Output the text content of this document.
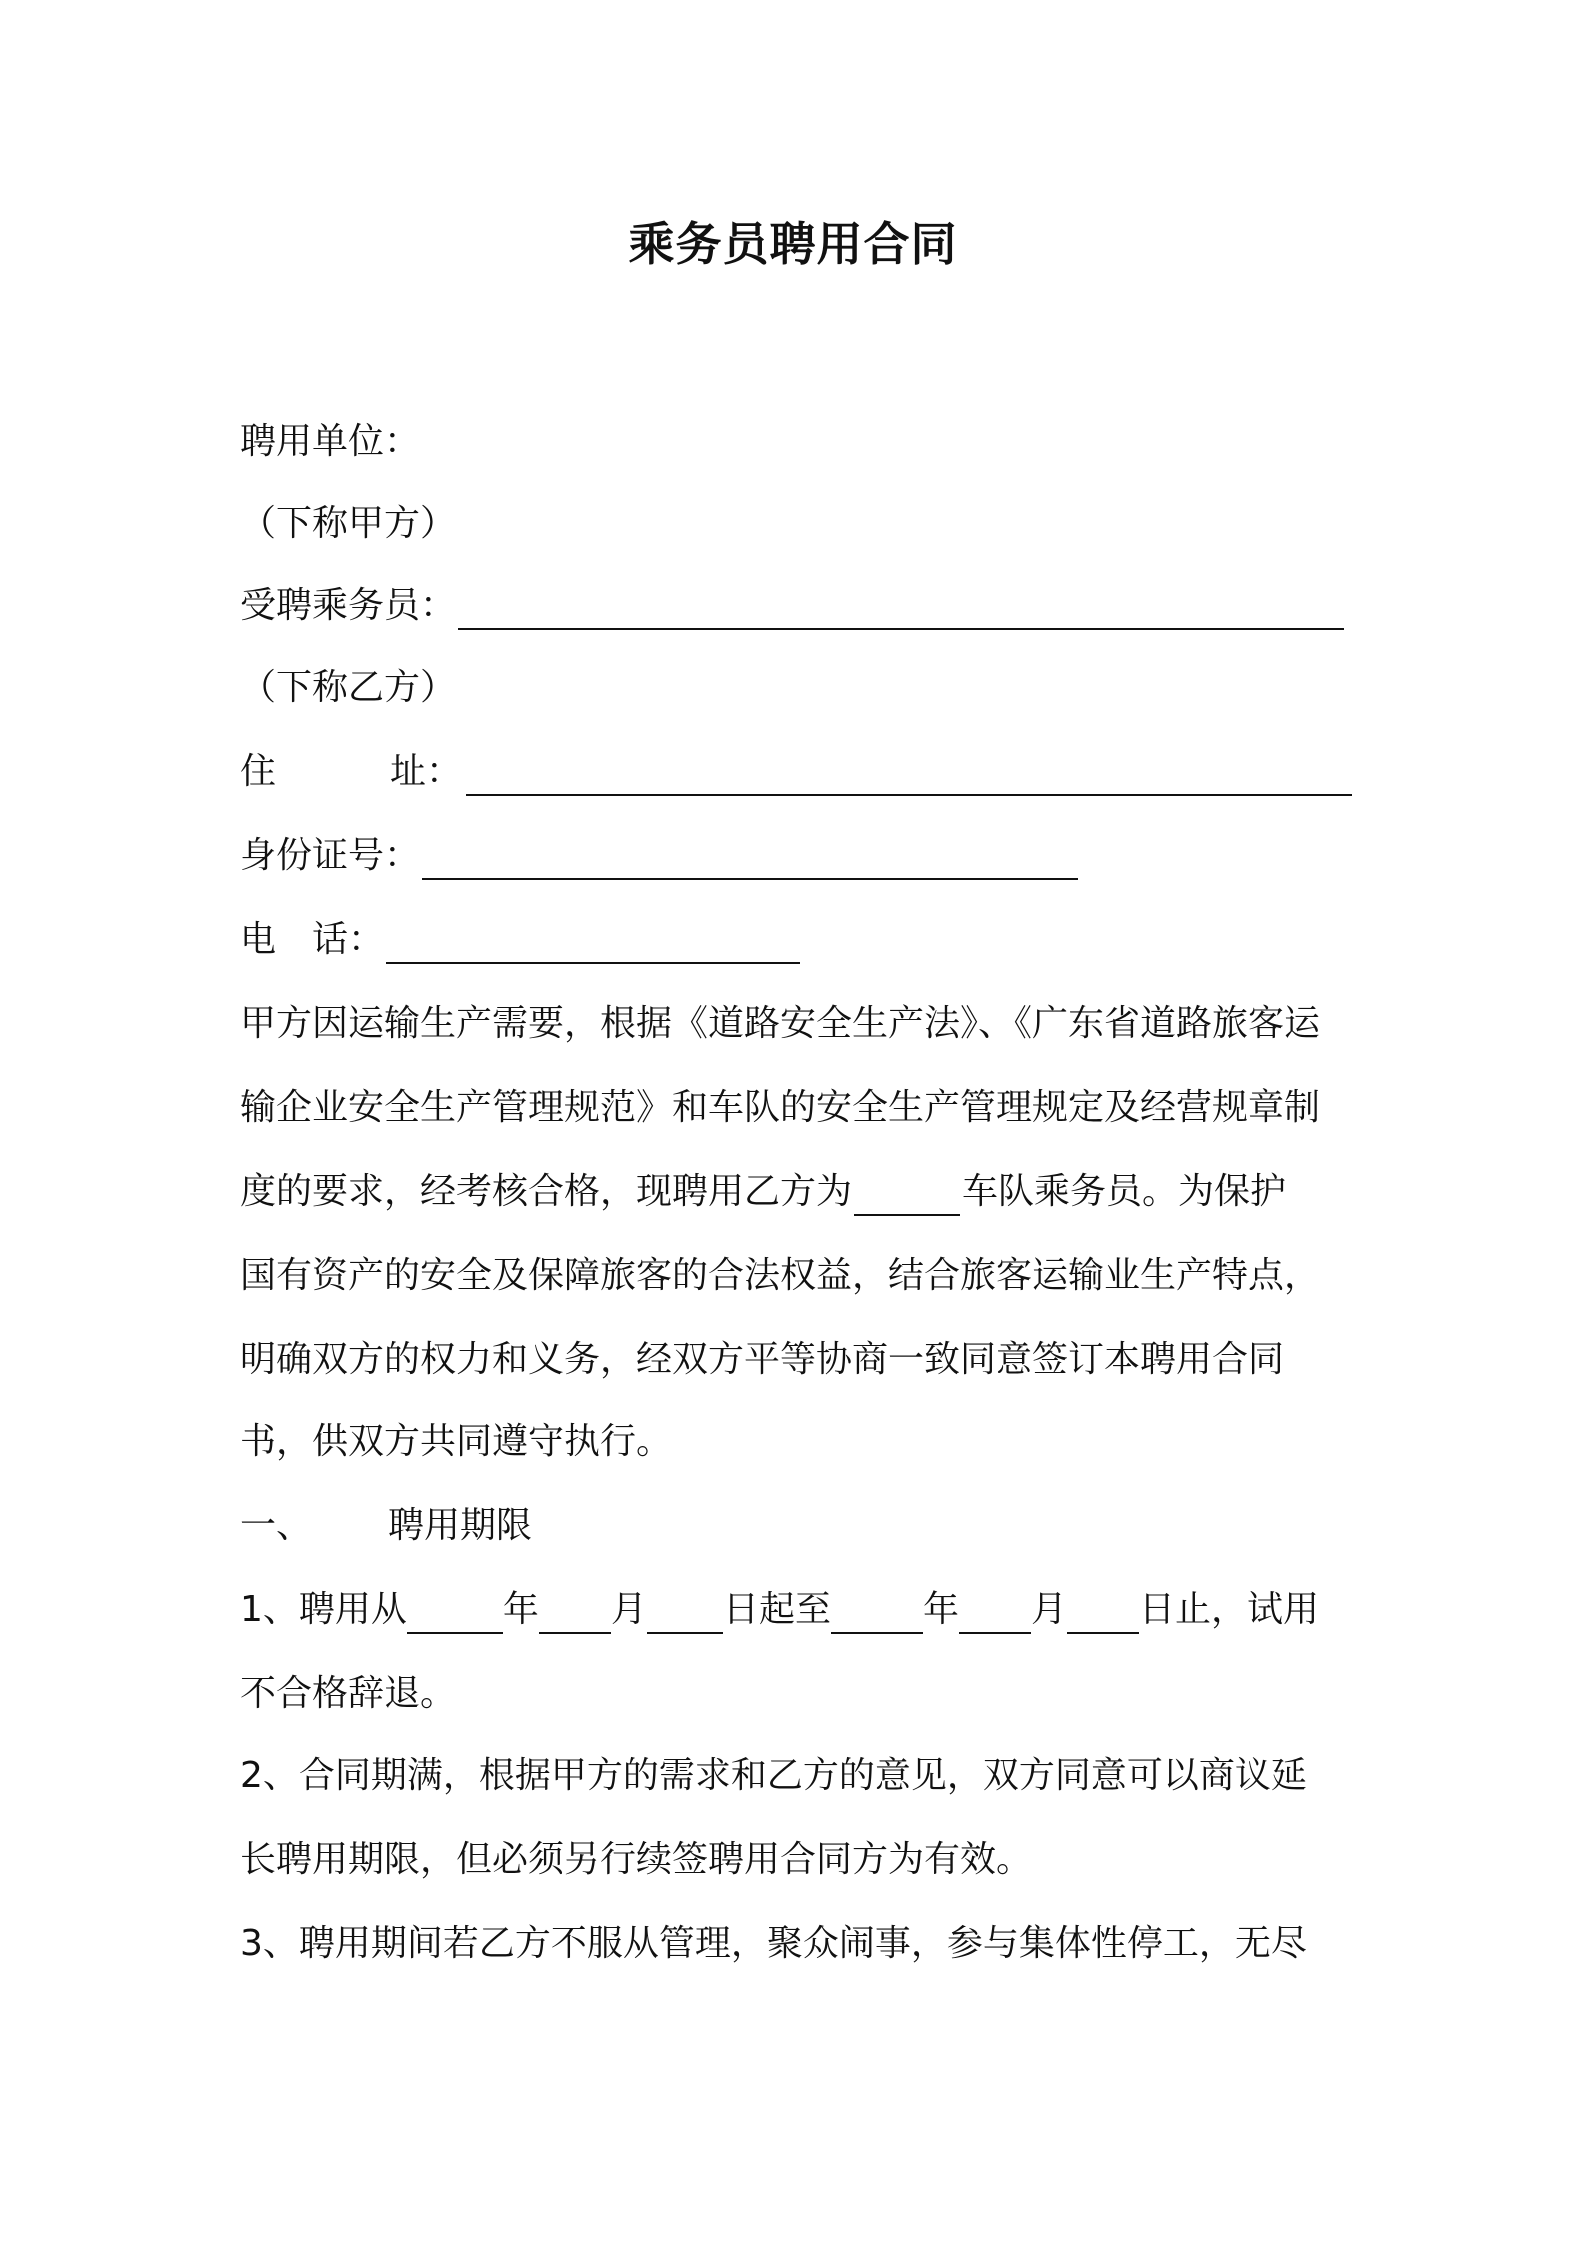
乘务员聘用合同
聘用单位：
（下称甲方）
受聘乘务员：
（下称乙方）
住	址：
身份证号：
电 话：
甲方因运输生产需要，根据《道路安全生产法》、《广东省道路旅客运
输企业安全生产管理规范》和车队的安全生产管理规定及经营规章制
度的要求，经考核合格，现聘用乙方为	车队乘务员。为保护
国有资产的安全及保障旅客的合法权益，结合旅客运输业生产特点，
明确双方的权力和义务，经双方平等协商一致同意签订本聘用合同
书，供双方共同遵守执行。
一、 聘用期限
1、聘用从	年 月 日起至	年 月 日止，试用
不合格辞退。
2、合同期满，根据甲方的需求和乙方的意见，双方同意可以商议延
长聘用期限，但必须另行续签聘用合同方为有效。
3、聘用期间若乙方不服从管理，聚众闹事，参与集体性停工，无尽
